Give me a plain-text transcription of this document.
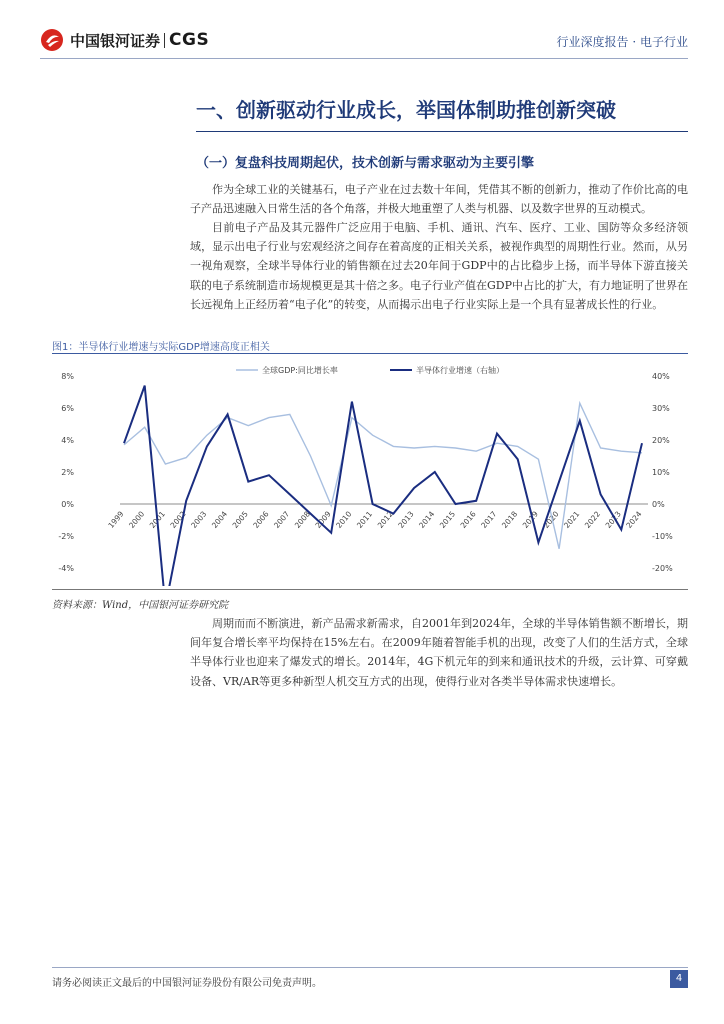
中国银河证券 CGS	行业深度报告 · 电子行业
一、创新驱动行业成长，举国体制助推创新突破
（一）复盘科技周期起伏，技术创新与需求驱动为主要引擎

作为全球工业的关键基石，电子产业在过去数十年间，凭借其不断的创新力，推动了作价比高的电子产品迅速融入日常生活的各个角落，并极大地重塑了人类与机器、以及数字世界的互动模式。

目前电子产品及其元器件广泛应用于电脑、手机、通讯、汽车、医疗、工业、国防等众多经济领域，显示出电子行业与宏观经济之间存在着高度的正相关关系，被视作典型的周期性行业。然而，从另一视角观察，全球半导体行业的销售额在过去20年间于GDP中的占比稳步上扬，而半导体下游直接关联的电子系统制造市场规模更是其十倍之多。电子行业产值在GDP中占比的扩大，有力地证明了世界在长远视角上正经历着“电子化”的转变，从而揭示出电子行业实际上是一个具有显著成长性的行业。

图1：半导体行业增速与实际GDP增速高度正相关
全球GDP:同比增长率	半导体行业增速（右轴）
8%
6%
4%
2%
0%
-2%
-4%
40%
30%
20%
10%
0%
-10%
-20%
1999 2000 2001 2002 2003 2004 2005 2006 2007 2008 2009 2010 2011 2012 2013 2014 2015 2016 2017 2018 2019 2020 2021 2022 2023 2024
资料来源：Wind，中国银河证券研究院

周期而而不断演进，新产品需求新需求，自2001年到2024年，全球的半导体销售额不断增长，期间年复合增长率平均保持在15%左右。在2009年随着智能手机的出现，改变了人们的生活方式，全球半导体行业也迎来了爆发式的增长。2014年，4G下机元年的到来和通讯技术的升级，云计算、可穿戴设备、VR/AR等更多种新型人机交互方式的出现，使得行业对各类半导体需求快速增长。

请务必阅读正文最后的中国银河证券股份有限公司免责声明。	4
